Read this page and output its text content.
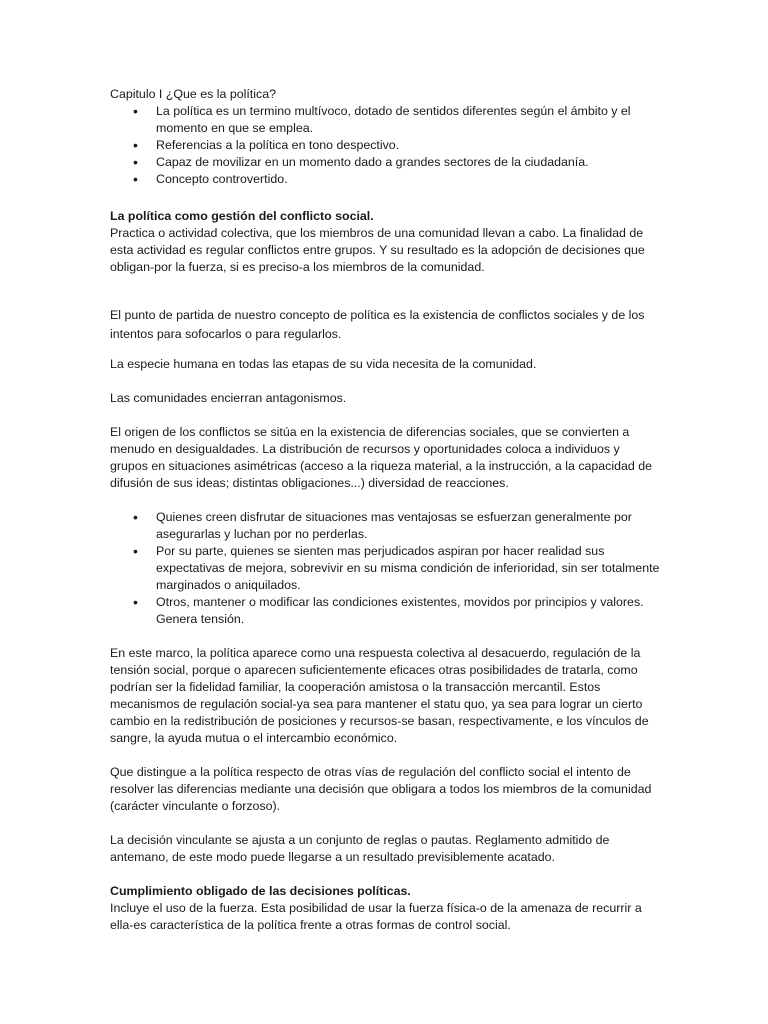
Capitulo I ¿Que es la política?

• La política es un termino multívoco, dotado de sentidos diferentes según el ámbito y el momento en que se emplea.
• Referencias a la política en tono despectivo.
• Capaz de movilizar en un momento dado a grandes sectores de la ciudadanía.
• Concepto controvertido.

La política como gestión del conflicto social.

Practica o actividad colectiva, que los miembros de una comunidad llevan a cabo. La finalidad de esta actividad es regular conflictos entre grupos. Y su resultado es la adopción de decisiones que obligan-por la fuerza, si es preciso-a los miembros de la comunidad.

El punto de partida de nuestro concepto de política es la existencia de conflictos sociales y de los intentos para sofocarlos o para regularlos.

La especie humana en todas las etapas de su vida necesita de la comunidad.

Las comunidades encierran antagonismos.

El origen de los conflictos se sitúa en la existencia de diferencias sociales, que se convierten a menudo en desigualdades. La distribución de recursos y oportunidades coloca a individuos y grupos en situaciones asimétricas (acceso a la riqueza material, a la instrucción, a la capacidad de difusión de sus ideas; distintas obligaciones...) diversidad de reacciones.

• Quienes creen disfrutar de situaciones mas ventajosas se esfuerzan generalmente por asegurarlas y luchan por no perderlas.
• Por su parte, quienes se sienten mas perjudicados aspiran por hacer realidad sus expectativas de mejora, sobrevivir en su misma condición de inferioridad, sin ser totalmente marginados o aniquilados.
• Otros, mantener o modificar las condiciones existentes, movidos por principios y valores. Genera tensión.

En este marco, la política aparece como una respuesta colectiva al desacuerdo, regulación de la tensión social, porque o aparecen suficientemente eficaces otras posibilidades de tratarla, como podrían ser la fidelidad familiar, la cooperación amistosa o la transacción mercantil. Estos mecanismos de regulación social-ya sea para mantener el statu quo, ya sea para lograr un cierto cambio en la redistribución de posiciones y recursos-se basan, respectivamente, e los vínculos de sangre, la ayuda mutua o el intercambio económico.

Que distingue a la política respecto de otras vías de regulación del conflicto social el intento de resolver las diferencias mediante una decisión que obligara a todos los miembros de la comunidad (carácter vinculante o forzoso).

La decisión vinculante se ajusta a un conjunto de reglas o pautas. Reglamento admitido de antemano, de este modo puede llegarse a un resultado previsiblemente acatado.

Cumplimiento obligado de las decisiones políticas.

Incluye el uso de la fuerza. Esta posibilidad de usar la fuerza física-o de la amenaza de recurrir a ella-es característica de la política frente a otras formas de control social.
